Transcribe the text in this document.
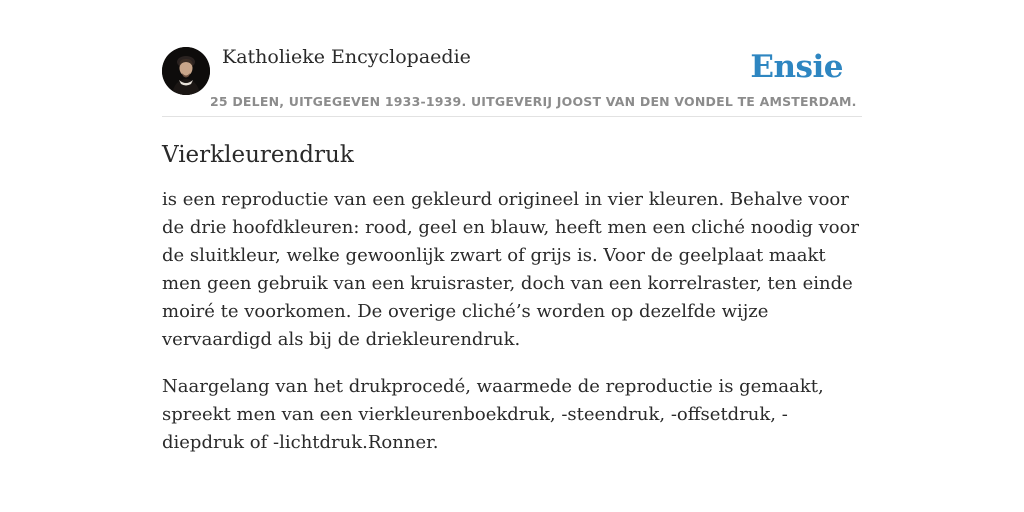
Katholieke Encyclopaedie
25 DELEN, UITGEGEVEN 1933-1939. UITGEVERIJ JOOST VAN DEN VONDEL TE AMSTERDAM.
Ensie
Vierkleurendruk

is een reproductie van een gekleurd origineel in vier kleuren. Behalve voor de drie hoofdkleuren: rood, geel en blauw, heeft men een cliché noodig voor de sluitkleur, welke gewoonlijk zwart of grijs is. Voor de geelplaat maakt men geen gebruik van een kruisraster, doch van een korrelraster, ten einde moiré te voorkomen. De overige cliché’s worden op dezelfde wijze vervaardigd als bij de driekleurendruk.

Naargelang van het drukprocedé, waarmede de reproductie is gemaakt, spreekt men van een vierkleurenboekdruk, -steendruk, -offsetdruk, -diepdruk of -lichtdruk.Ronner.
